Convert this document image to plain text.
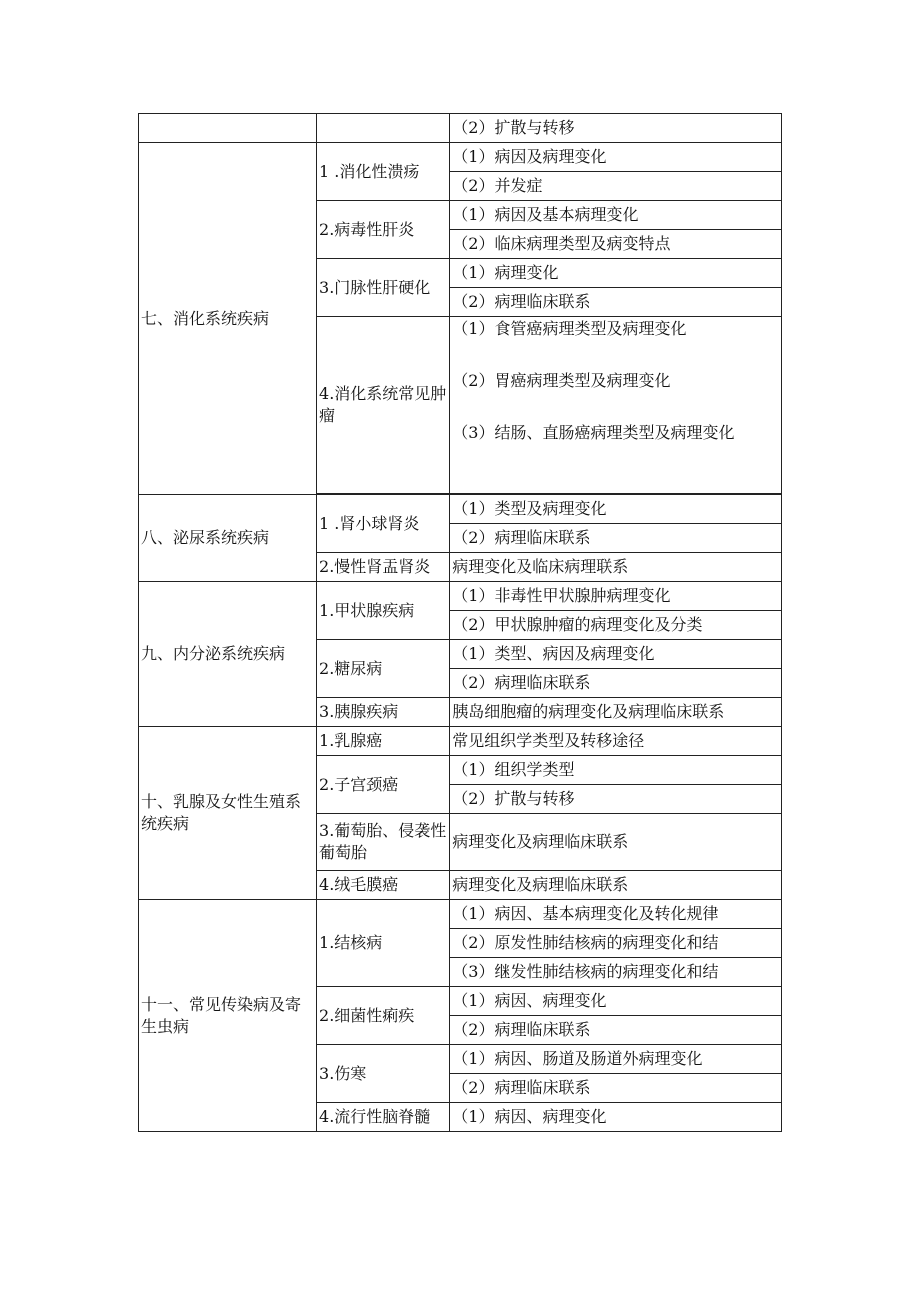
		（2）扩散与转移
七、消化系统疾病	1 .消化性溃疡	（1）病因及病理变化
		（2）并发症
	2.病毒性肝炎	（1）病因及基本病理变化
		（2）临床病理类型及病变特点
	3.门脉性肝硬化	（1）病理变化
		（2）病理临床联系
	4.消化系统常见肿瘤	（1）食管癌病理类型及病理变化
（2）胃癌病理类型及病理变化
（3）结肠、直肠癌病理类型及病理变化

八、泌尿系统疾病	1 .肾小球肾炎	（1）类型及病理变化
		（2）病理临床联系
	2.慢性肾盂肾炎	病理变化及临床病理联系
九、内分泌系统疾病	1.甲状腺疾病	（1）非毒性甲状腺肿病理变化
		（2）甲状腺肿瘤的病理变化及分类
	2.糖尿病	（1）类型、病因及病理变化
		（2）病理临床联系
	3.胰腺疾病	胰岛细胞瘤的病理变化及病理临床联系
十、乳腺及女性生殖系统疾病	1.乳腺癌	常见组织学类型及转移途径
	2.子宫颈癌	（1）组织学类型
		（2）扩散与转移
	3.葡萄胎、侵袭性葡萄胎	病理变化及病理临床联系
	4.绒毛膜癌	病理变化及病理临床联系
十一、常见传染病及寄生虫病	1.结核病	（1）病因、基本病理变化及转化规律
		（2）原发性肺结核病的病理变化和结
		（3）继发性肺结核病的病理变化和结
	2.细菌性痢疾	（1）病因、病理变化
		（2）病理临床联系
	3.伤寒	（1）病因、肠道及肠道外病理变化
		（2）病理临床联系
	4.流行性脑脊髓	（1）病因、病理变化
